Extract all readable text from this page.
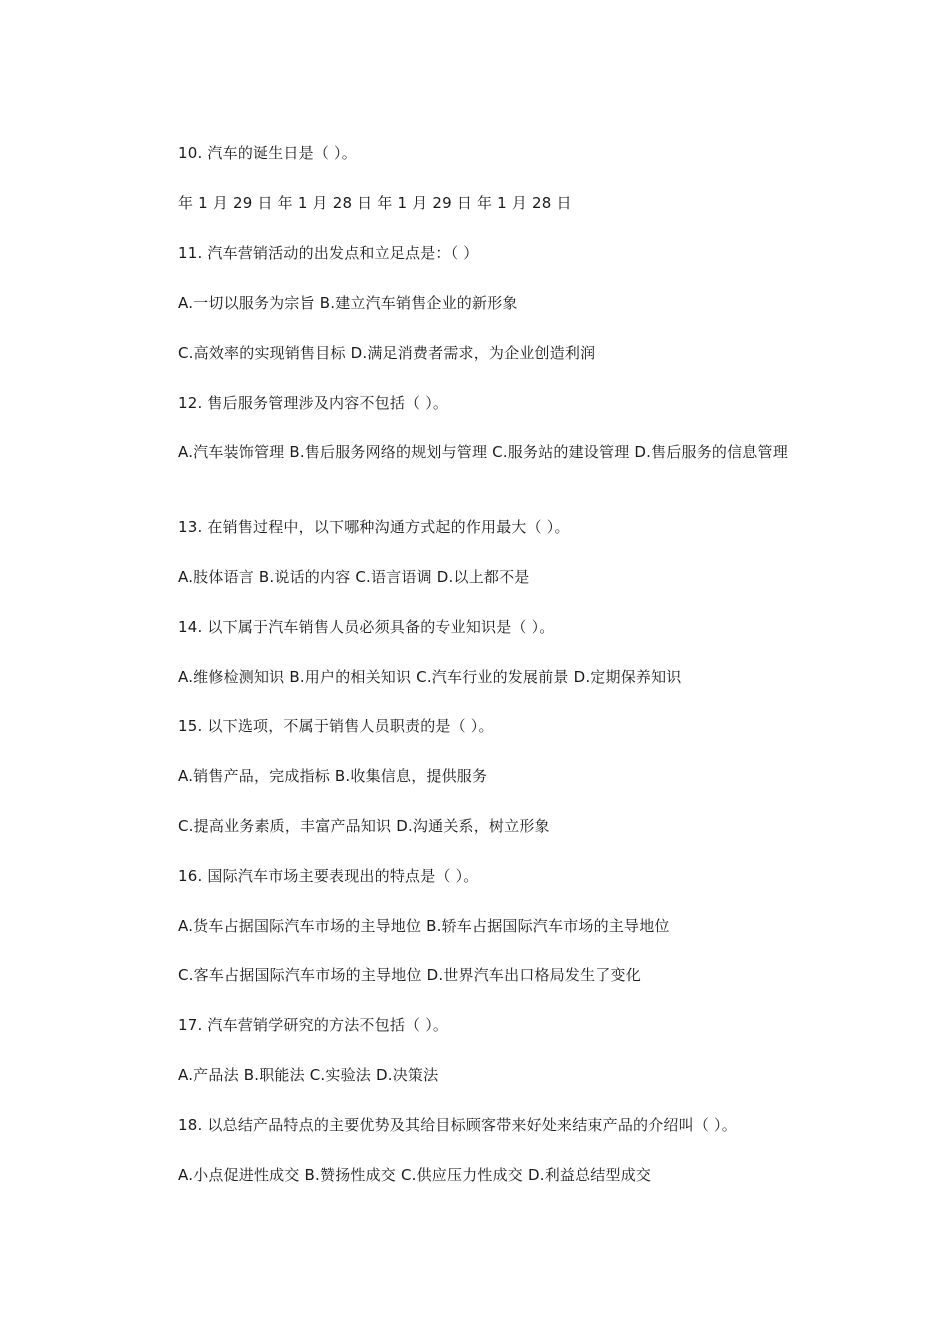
10. 汽车的诞生日是（ ）。
年 1 月 29 日 年 1 月 28 日 年 1 月 29 日 年 1 月 28 日
11. 汽车营销活动的出发点和立足点是：（ ）
A.一切以服务为宗旨 B.建立汽车销售企业的新形象
C.高效率的实现销售目标 D.满足消费者需求，为企业创造利润
12. 售后服务管理涉及内容不包括（ ）。
A.汽车装饰管理 B.售后服务网络的规划与管理 C.服务站的建设管理 D.售后服务的信息管理
13. 在销售过程中，以下哪种沟通方式起的作用最大（ ）。
A.肢体语言 B.说话的内容 C.语言语调 D.以上都不是
14. 以下属于汽车销售人员必须具备的专业知识是（ ）。
A.维修检测知识 B.用户的相关知识 C.汽车行业的发展前景 D.定期保养知识
15. 以下选项，不属于销售人员职责的是（ ）。
A.销售产品，完成指标 B.收集信息，提供服务
C.提高业务素质，丰富产品知识 D.沟通关系，树立形象
16. 国际汽车市场主要表现出的特点是（ ）。
A.货车占据国际汽车市场的主导地位 B.轿车占据国际汽车市场的主导地位
C.客车占据国际汽车市场的主导地位 D.世界汽车出口格局发生了变化
17. 汽车营销学研究的方法不包括（ ）。
A.产品法 B.职能法 C.实验法 D.决策法
18. 以总结产品特点的主要优势及其给目标顾客带来好处来结束产品的介绍叫（ ）。
A.小点促进性成交 B.赞扬性成交 C.供应压力性成交 D.利益总结型成交
